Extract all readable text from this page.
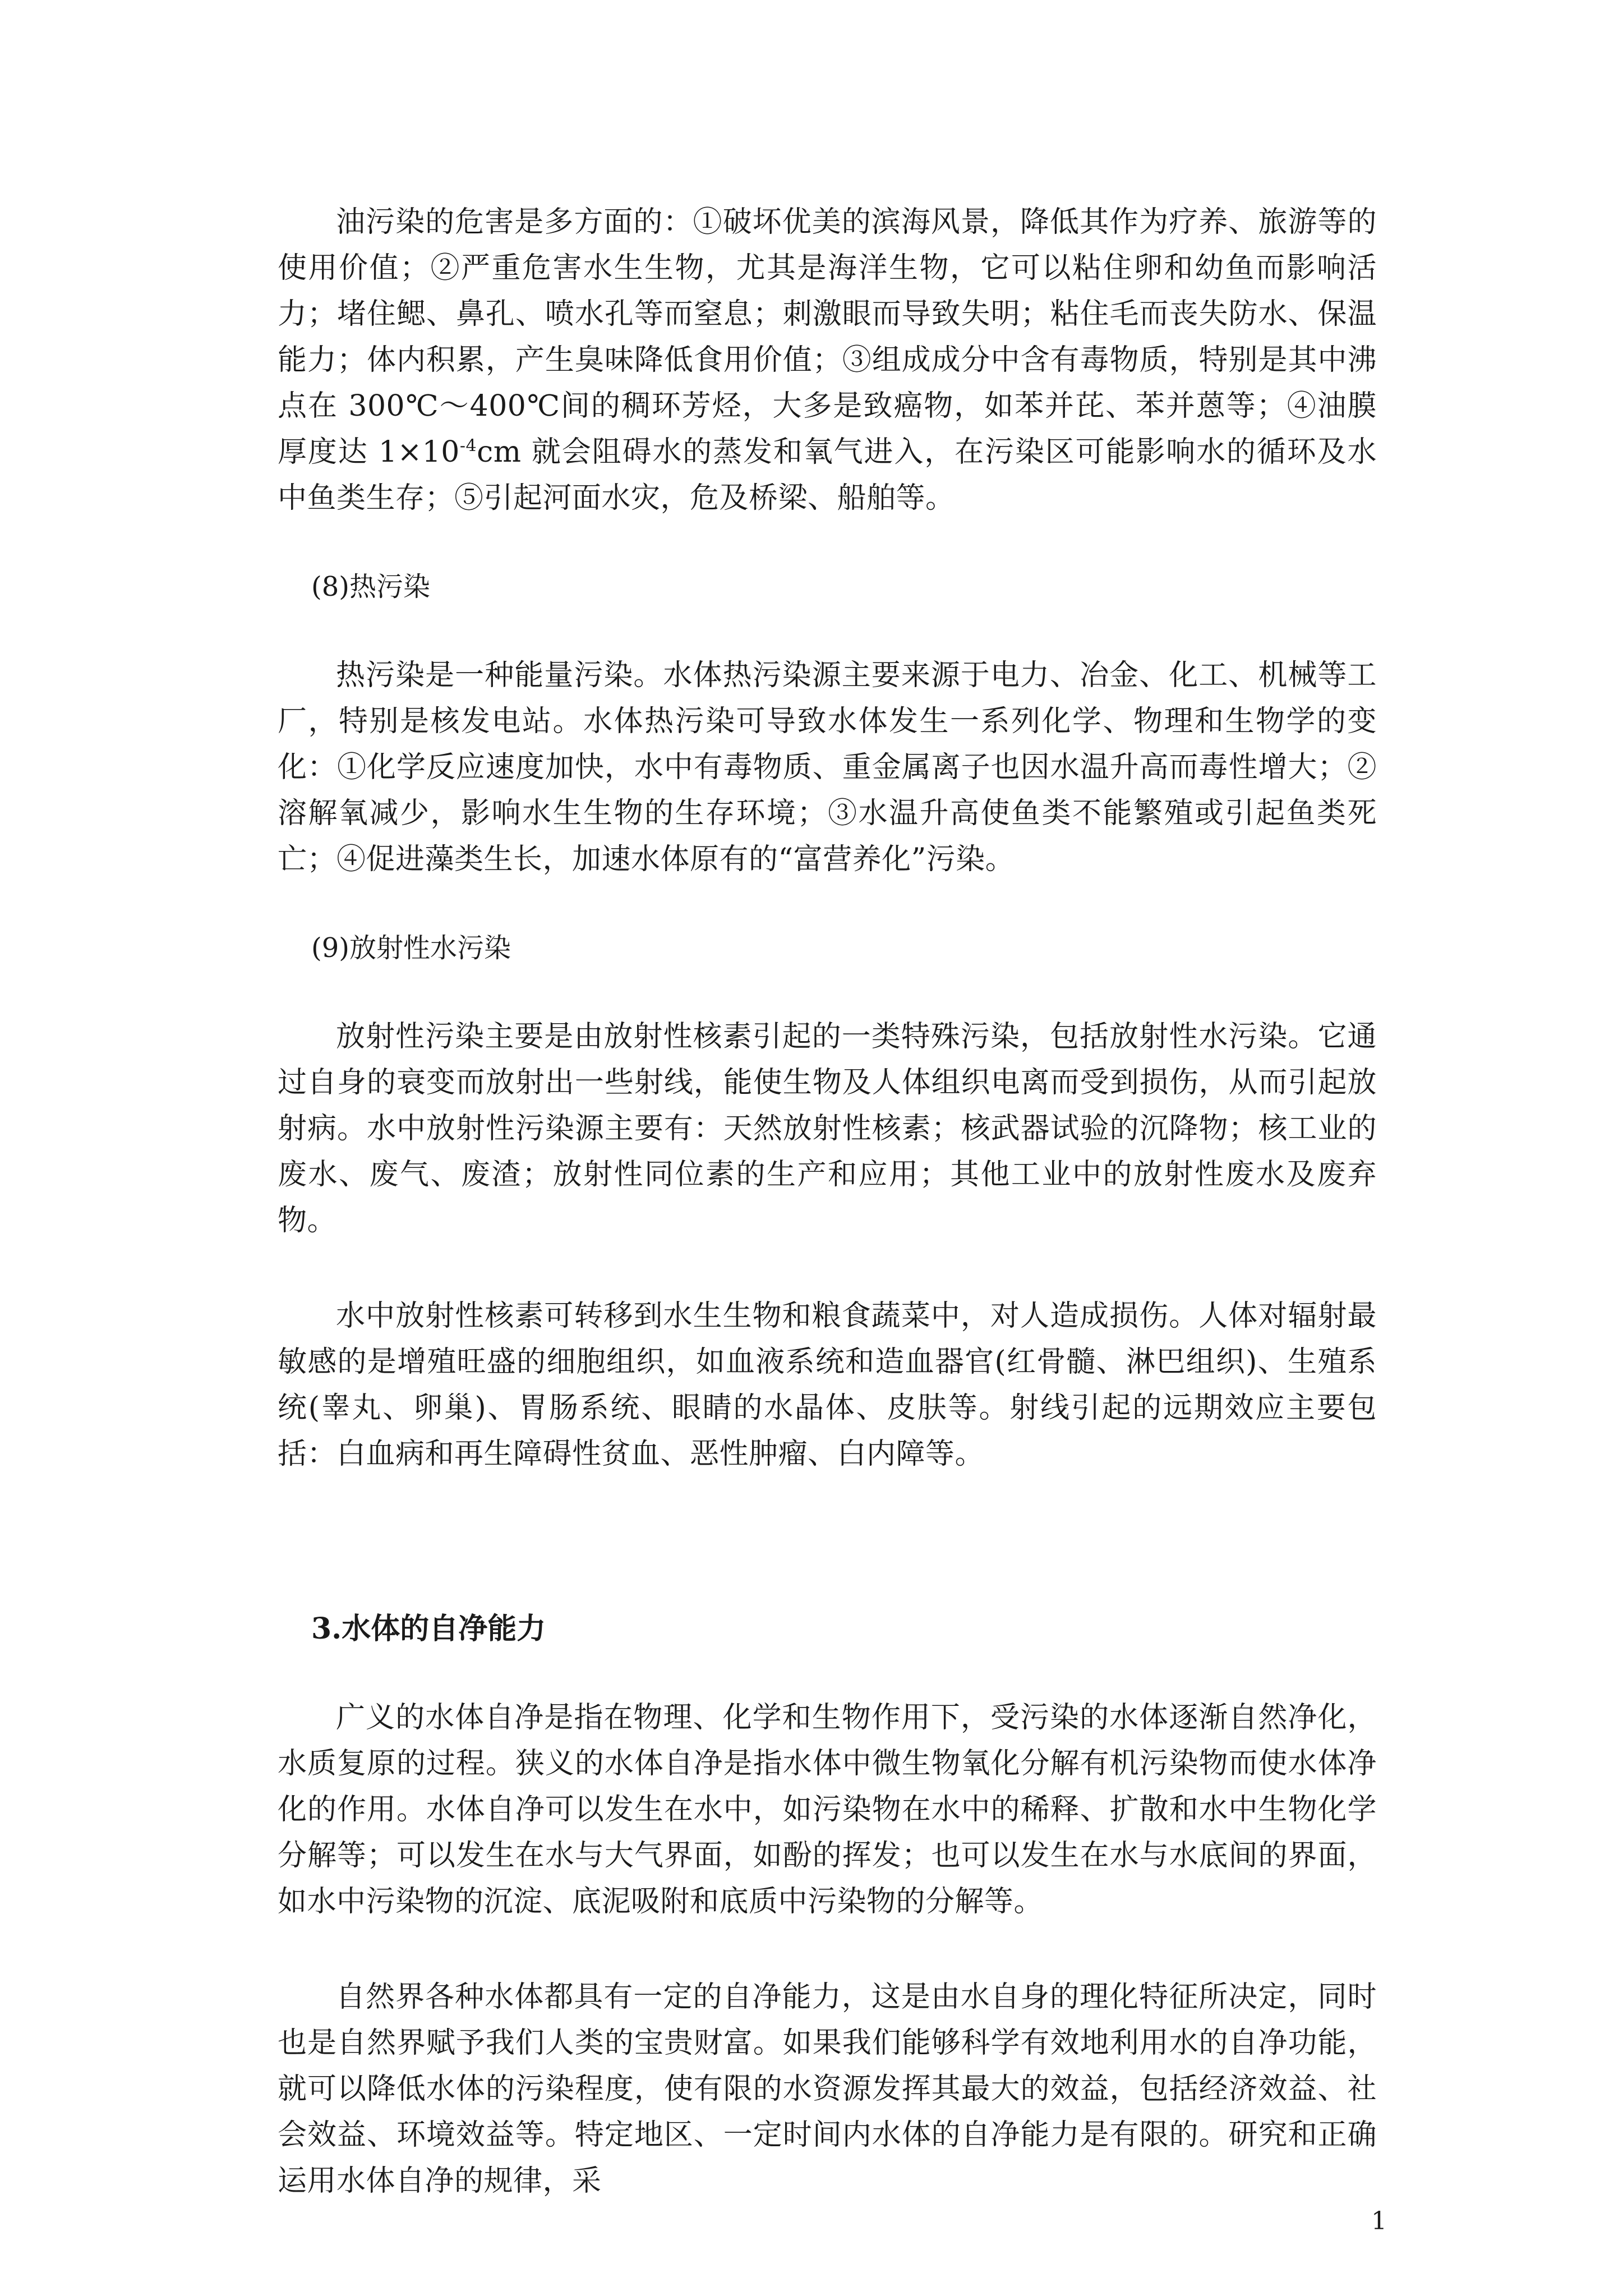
油污染的危害是多方面的：①破坏优美的滨海风景，降低其作为疗养、旅游等的使用价值；②严重危害水生生物，尤其是海洋生物，它可以粘住卵和幼鱼而影响活力；堵住鳃、鼻孔、喷水孔等而窒息；刺激眼而导致失明；粘住毛而丧失防水、保温能力；体内积累，产生臭味降低食用价值；③组成成分中含有毒物质，特别是其中沸点在 300℃～400℃间的稠环芳烃，大多是致癌物，如苯并芘、苯并蒽等；④油膜厚度达 $1\times 10^{-4}cm$ 就会阻碍水的蒸发和氧气进入，在污染区可能影响水的循环及水中鱼类生存；⑤引起河面水灾，危及桥梁、船舶等。

(8)热污染

热污染是一种能量污染。水体热污染源主要来源于电力、冶金、化工、机械等工厂，特别是核发电站。水体热污染可导致水体发生一系列化学、物理和生物学的变化：①化学反应速度加快，水中有毒物质、重金属离子也因水温升高而毒性增大；②溶解氧减少，影响水生生物的生存环境；③水温升高使鱼类不能繁殖或引起鱼类死亡；④促进藻类生长，加速水体原有的“富营养化”污染。

(9)放射性水污染

放射性污染主要是由放射性核素引起的一类特殊污染，包括放射性水污染。它通过自身的衰变而放射出一些射线，能使生物及人体组织电离而受到损伤，从而引起放射病。水中放射性污染源主要有：天然放射性核素；核武器试验的沉降物；核工业的废水、废气、废渣；放射性同位素的生产和应用；其他工业中的放射性废水及废弃物。

水中放射性核素可转移到水生生物和粮食蔬菜中，对人造成损伤。人体对辐射最敏感的是增殖旺盛的细胞组织，如血液系统和造血器官(红骨髓、淋巴组织)、生殖系统(睾丸、卵巢)、胃肠系统、眼睛的水晶体、皮肤等。射线引起的远期效应主要包括：白血病和再生障碍性贫血、恶性肿瘤、白内障等。

3.水体的自净能力

广义的水体自净是指在物理、化学和生物作用下，受污染的水体逐渐自然净化，水质复原的过程。狭义的水体自净是指水体中微生物氧化分解有机污染物而使水体净化的作用。水体自净可以发生在水中，如污染物在水中的稀释、扩散和水中生物化学分解等；可以发生在水与大气界面，如酚的挥发；也可以发生在水与水底间的界面，如水中污染物的沉淀、底泥吸附和底质中污染物的分解等。

自然界各种水体都具有一定的自净能力，这是由水自身的理化特征所决定，同时也是自然界赋予我们人类的宝贵财富。如果我们能够科学有效地利用水的自净功能，就可以降低水体的污染程度，使有限的水资源发挥其最大的效益，包括经济效益、社会效益、环境效益等。特定地区、一定时间内水体的自净能力是有限的。研究和正确运用水体自净的规律，采

1
